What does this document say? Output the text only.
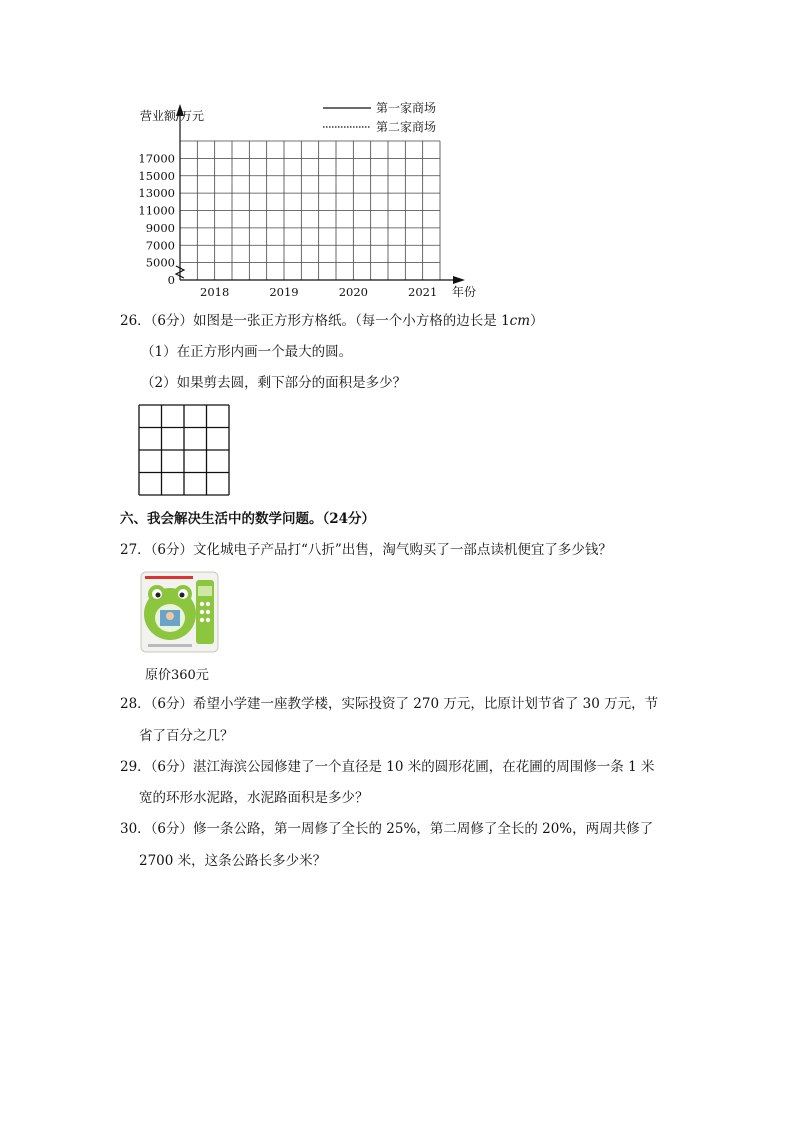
营业额/万元
年份
0
5000
7000
9000
11000
13000
15000
17000
2018	2019	2020	2021
第一家商场
第二家商场
26．（6分）如图是一张正方形方格纸。（每一个小方格的边长是 1cm）
（1）在正方形内画一个最大的圆。
（2）如果剪去圆，剩下部分的面积是多少？
六、我会解决生活中的数学问题。（24分）
27．（6分）文化城电子产品打“八折”出售，淘气购买了一部点读机便宜了多少钱？
原价360元
28．（6分）希望小学建一座教学楼，实际投资了 270 万元，比原计划节省了 30 万元，节
省了百分之几？
29．（6分）湛江海滨公园修建了一个直径是 10 米的圆形花圃，在花圃的周围修一条 1 米
宽的环形水泥路，水泥路面积是多少？
30．（6分）修一条公路，第一周修了全长的 25%，第二周修了全长的 20%，两周共修了
2700 米，这条公路长多少米？
